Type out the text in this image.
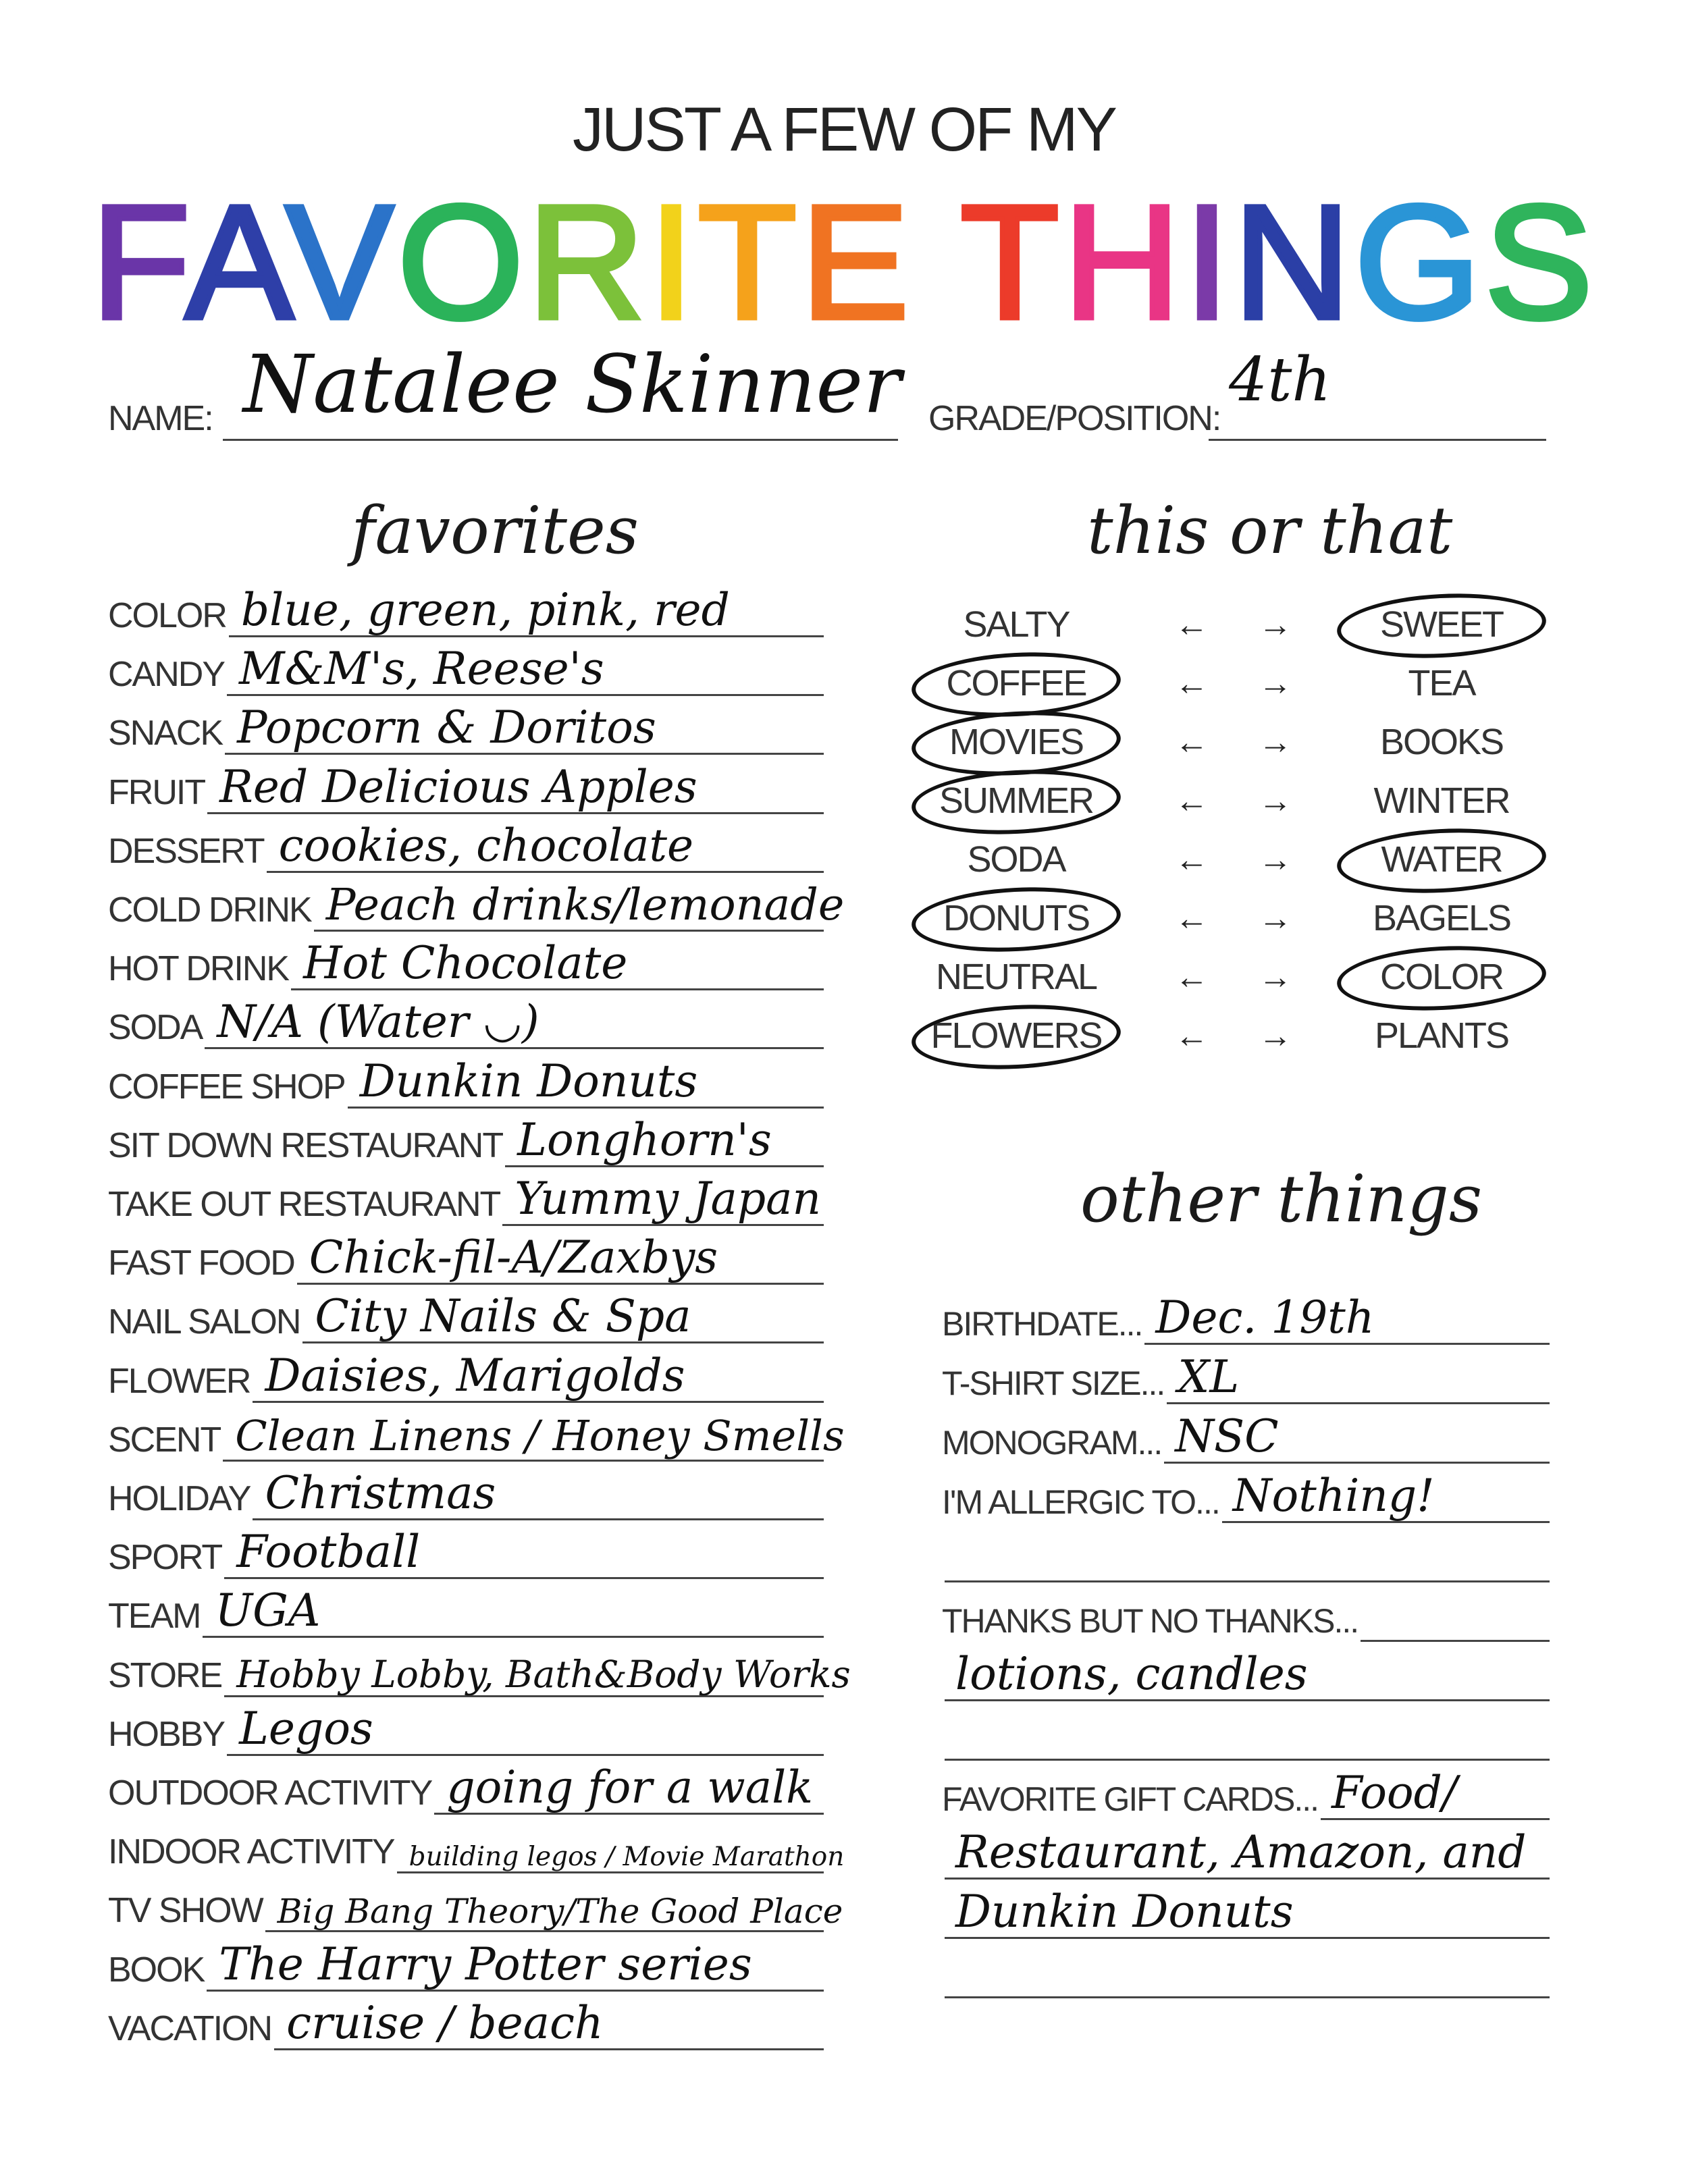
JUST A FEW OF MY
FAVORITE THINGS
NAME: Natalee Skinner GRADE/POSITION:
4th
favorites	this or that
other things
COLOR blue, green, pink, red
CANDY M&M's, Reese's
SNACK Popcorn & Doritos
FRUIT Red Delicious Apples
DESSERT cookies, chocolate
COLD DRINK Peach drinks/lemonade
HOT DRINK Hot Chocolate
SODA N/A (Water ◡)
COFFEE SHOP Dunkin Donuts
SIT DOWN RESTAURANT Longhorn's
TAKE OUT RESTAURANT Yummy Japan
FAST FOOD Chick-fil-A/Zaxbys
NAIL SALON City Nails & Spa
FLOWER Daisies, Marigolds
SCENT Clean Linens / Honey Smells
HOLIDAY Christmas
SPORT Football
TEAM UGA
STORE Hobby Lobby, Bath&Body Works
HOBBY Legos
OUTDOOR ACTIVITY going for a walk
INDOOR ACTIVITY building legos / Movie Marathon
TV SHOW Big Bang Theory/The Good Place
BOOK The Harry Potter series
VACATION cruise / beach
SALTY	← →	SWEET
COFFEE	← →	TEA
MOVIES	← →	BOOKS
SUMMER	← →	WINTER
SODA	← →	WATER
DONUTS	← →	BAGELS
NEUTRAL	← →	COLOR
FLOWERS	← →	PLANTS
BIRTHDATE... Dec. 19th
T-SHIRT SIZE... XL
MONOGRAM... NSC
I'M ALLERGIC TO... Nothing!
THANKS BUT NO THANKS...
lotions, candles
FAVORITE GIFT CARDS... Food/
Restaurant, Amazon, and
Dunkin Donuts
